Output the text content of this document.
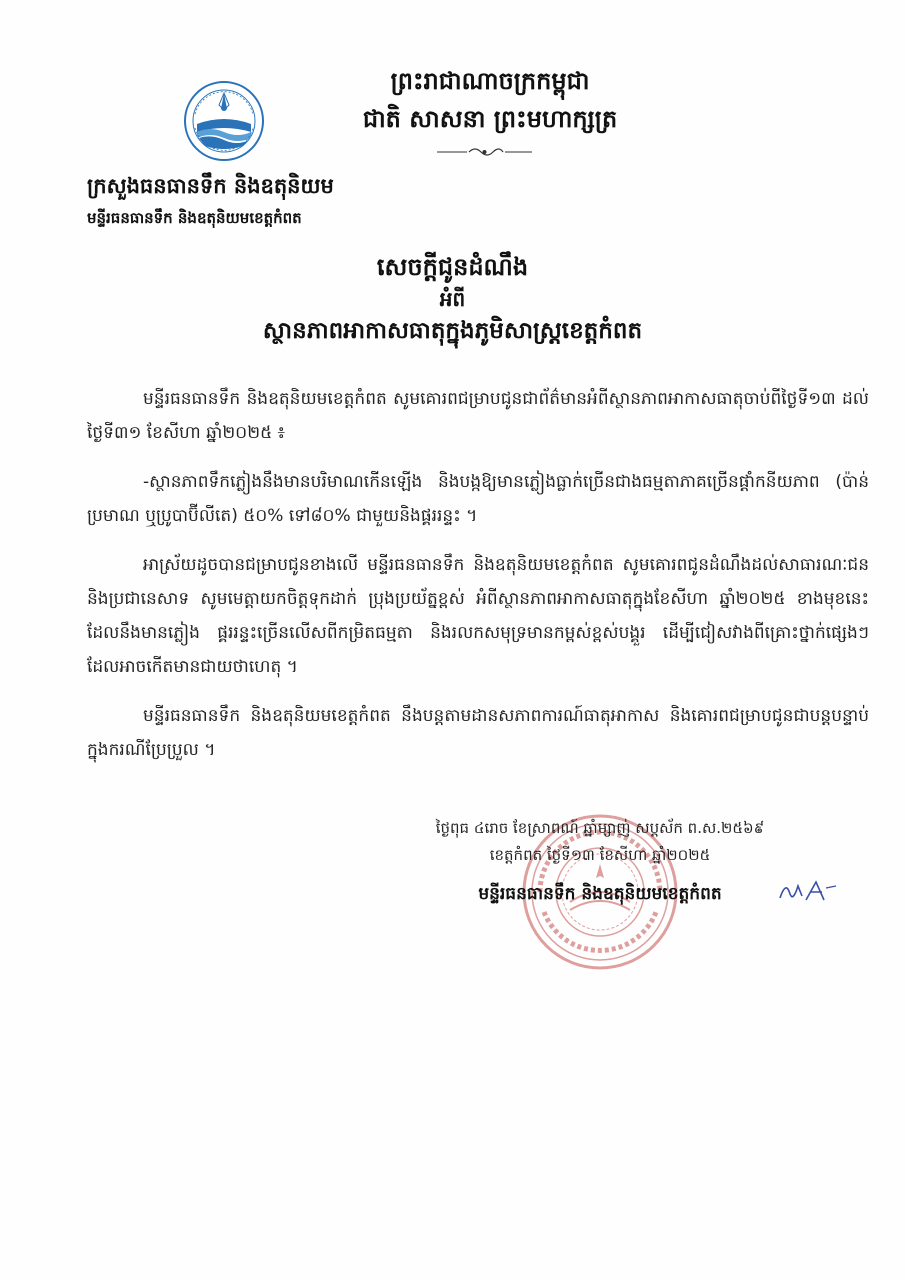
ព្រះរាជាណាចក្រកម្ពុជា
ជាតិ សាសនា ព្រះមហាក្សត្រ
ក្រសួងធនធានទឹក និងឧតុនិយម
មន្ទីរធនធានទឹក និងឧតុនិយមខេត្តកំពត
សេចក្ដីជូនដំណឹង
អំពី
ស្ថានភាពអាកាសធាតុក្នុងភូមិសាស្ត្រខេត្តកំពត

មន្ទីរធនធានទឹក និងឧតុនិយមខេត្តកំពត សូមគោរពជម្រាបជូនជាព័ត៌មានអំពីស្ថានភាពអាកាសធាតុចាប់ពីថ្ងៃទី១៣ ដល់ថ្ងៃទី៣១ ខែសីហា ឆ្នាំ២០២៥ ៖

-ស្ថានភាពទឹកភ្លៀងនឹងមានបរិមាណកើនឡើង និងបង្កឱ្យមានភ្លៀងធ្លាក់ច្រើនជាងធម្មតាភាគច្រើនផ្ដាំកនីយភាព (ប៉ាន់ប្រមាណ ឬប្រូបាប៊ីលីតេ) ៥០% ទៅ៨០% ជាមួយនិងផ្គររន្ទះ ។

អាស្រ័យដូចបានជម្រាបជូនខាងលើ មន្ទីរធនធានទឹក និងឧតុនិយមខេត្តកំពត សូមគោរពជូនដំណឹងដល់សាធារណៈជន និងប្រជានេសាទ សូមមេត្តាយកចិត្តទុកដាក់ ប្រុងប្រយ័ត្នខ្ពស់ អំពីស្ថានភាពអាកាសធាតុក្នុងខែសីហា ឆ្នាំ២០២៥ ខាងមុខនេះ ដែលនឹងមានភ្លៀង ផ្គររន្ទះច្រើនលើសពីកម្រិតធម្មតា និងរលកសមុទ្រមានកម្ពស់ខ្ពស់បង្គួរ ដើម្បីជៀសវាងពីគ្រោះថ្នាក់ផ្សេងៗ ដែលអាចកើតមានជាយថាហេតុ ។

មន្ទីរធនធានទឹក និងឧតុនិយមខេត្តកំពត នឹងបន្តតាមដានសភាពការណ៍ធាតុអាកាស និងគោរពជម្រាបជូនជាបន្តបន្ទាប់ ក្នុងករណីប្រែប្រួល ។

ថ្ងៃពុធ ៤រោច ខែស្រាពណ៍ ឆ្នាំម្សាញ់ សប្តស័ក ព.ស.២៥៦៩
ខេត្តកំពត ថ្ងៃទី១៣ ខែសីហា ឆ្នាំ២០២៥
មន្ទីរធនធានទឹក និងឧតុនិយមខេត្តកំពត
